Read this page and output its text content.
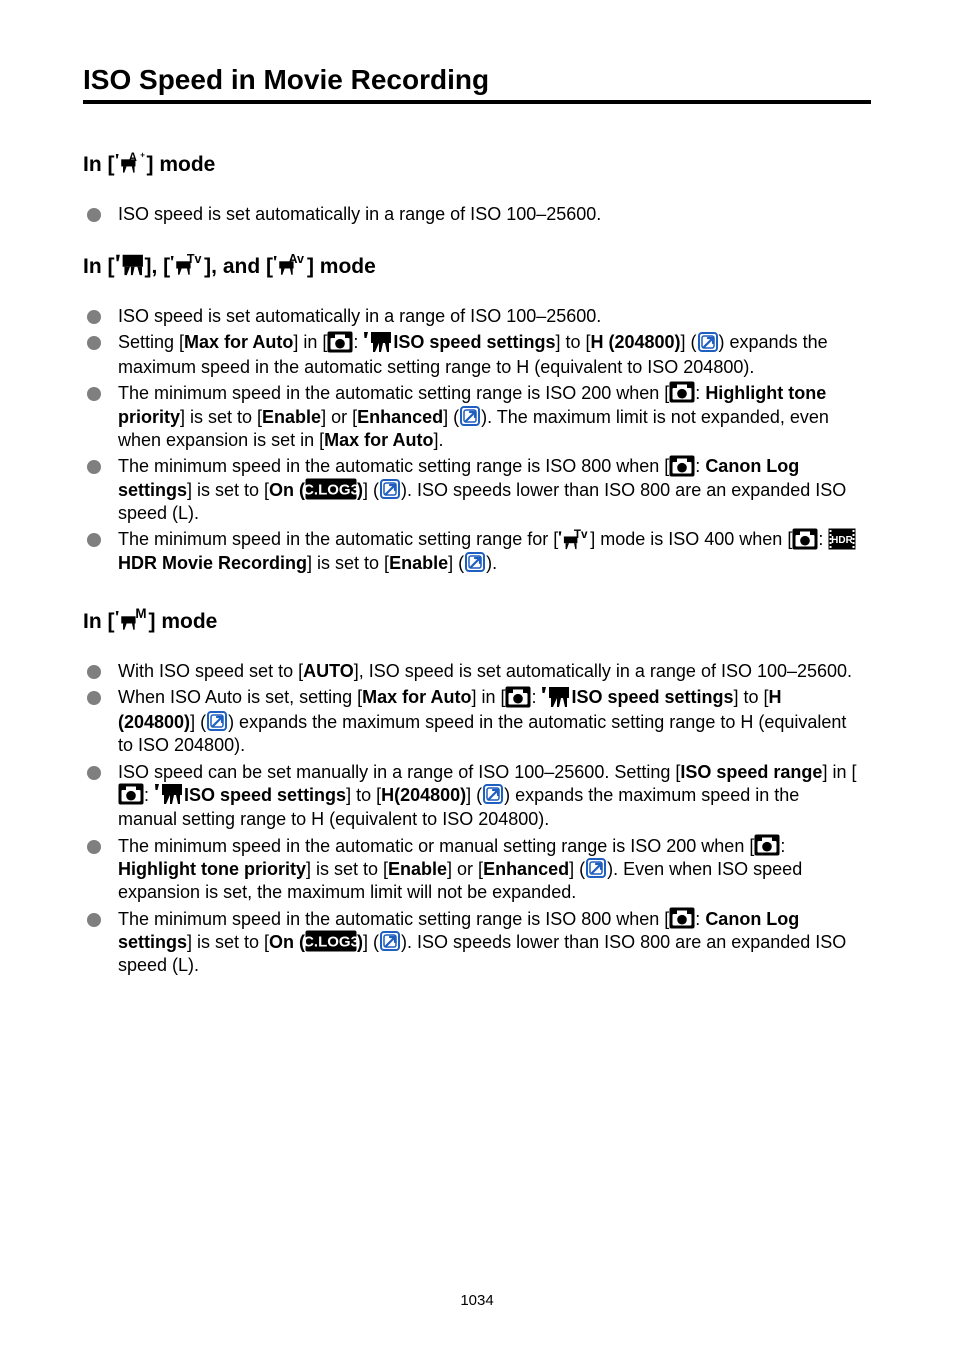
ISO Speed in Movie Recording
In [ ] mode
ISO speed is set automatically in a range of ISO 100–25600.
In [ ], [ ], and [ ] mode
ISO speed is set automatically in a range of ISO 100–25600.
Setting [Max for Auto] in [ : ISO speed settings] to [H (204800)] ( ) expands the maximum speed in the automatic setting range to H (equivalent to ISO 204800).
The minimum speed in the automatic setting range is ISO 200 when [ : Highlight tone priority] is set to [Enable] or [Enhanced] ( ). The maximum limit is not expanded, even when expansion is set in [Max for Auto].
The minimum speed in the automatic setting range is ISO 800 when [ : Canon Log settings] is set to [On (	)] ( ). ISO speeds lower than ISO 800 are an expanded ISO speed (L).
The minimum speed in the automatic setting range for [ ] mode is ISO 400 when [ : HDR Movie Recording] is set to [Enable] ( ).
In [ ] mode
With ISO speed set to [AUTO], ISO speed is set automatically in a range of ISO 100–25600.
When ISO Auto is set, setting [Max for Auto] in [ : ISO speed settings] to [H (204800)] ( ) expands the maximum speed in the automatic setting range to H (equivalent to ISO 204800).
ISO speed can be set manually in a range of ISO 100–25600. Setting [ISO speed range] in [: ISO speed settings] to [H(204800)] ( ) expands the maximum speed in the manual setting range to H (equivalent to ISO 204800).
The minimum speed in the automatic or manual setting range is ISO 200 when [ : Highlight tone priority] is set to [Enable] or [Enhanced] ( ). Even when ISO speed expansion is set, the maximum limit will not be expanded.
The minimum speed in the automatic setting range is ISO 800 when [ : Canon Log settings] is set to [On (	)] ( ). ISO speeds lower than ISO 800 are an expanded ISO speed (L).
1034
